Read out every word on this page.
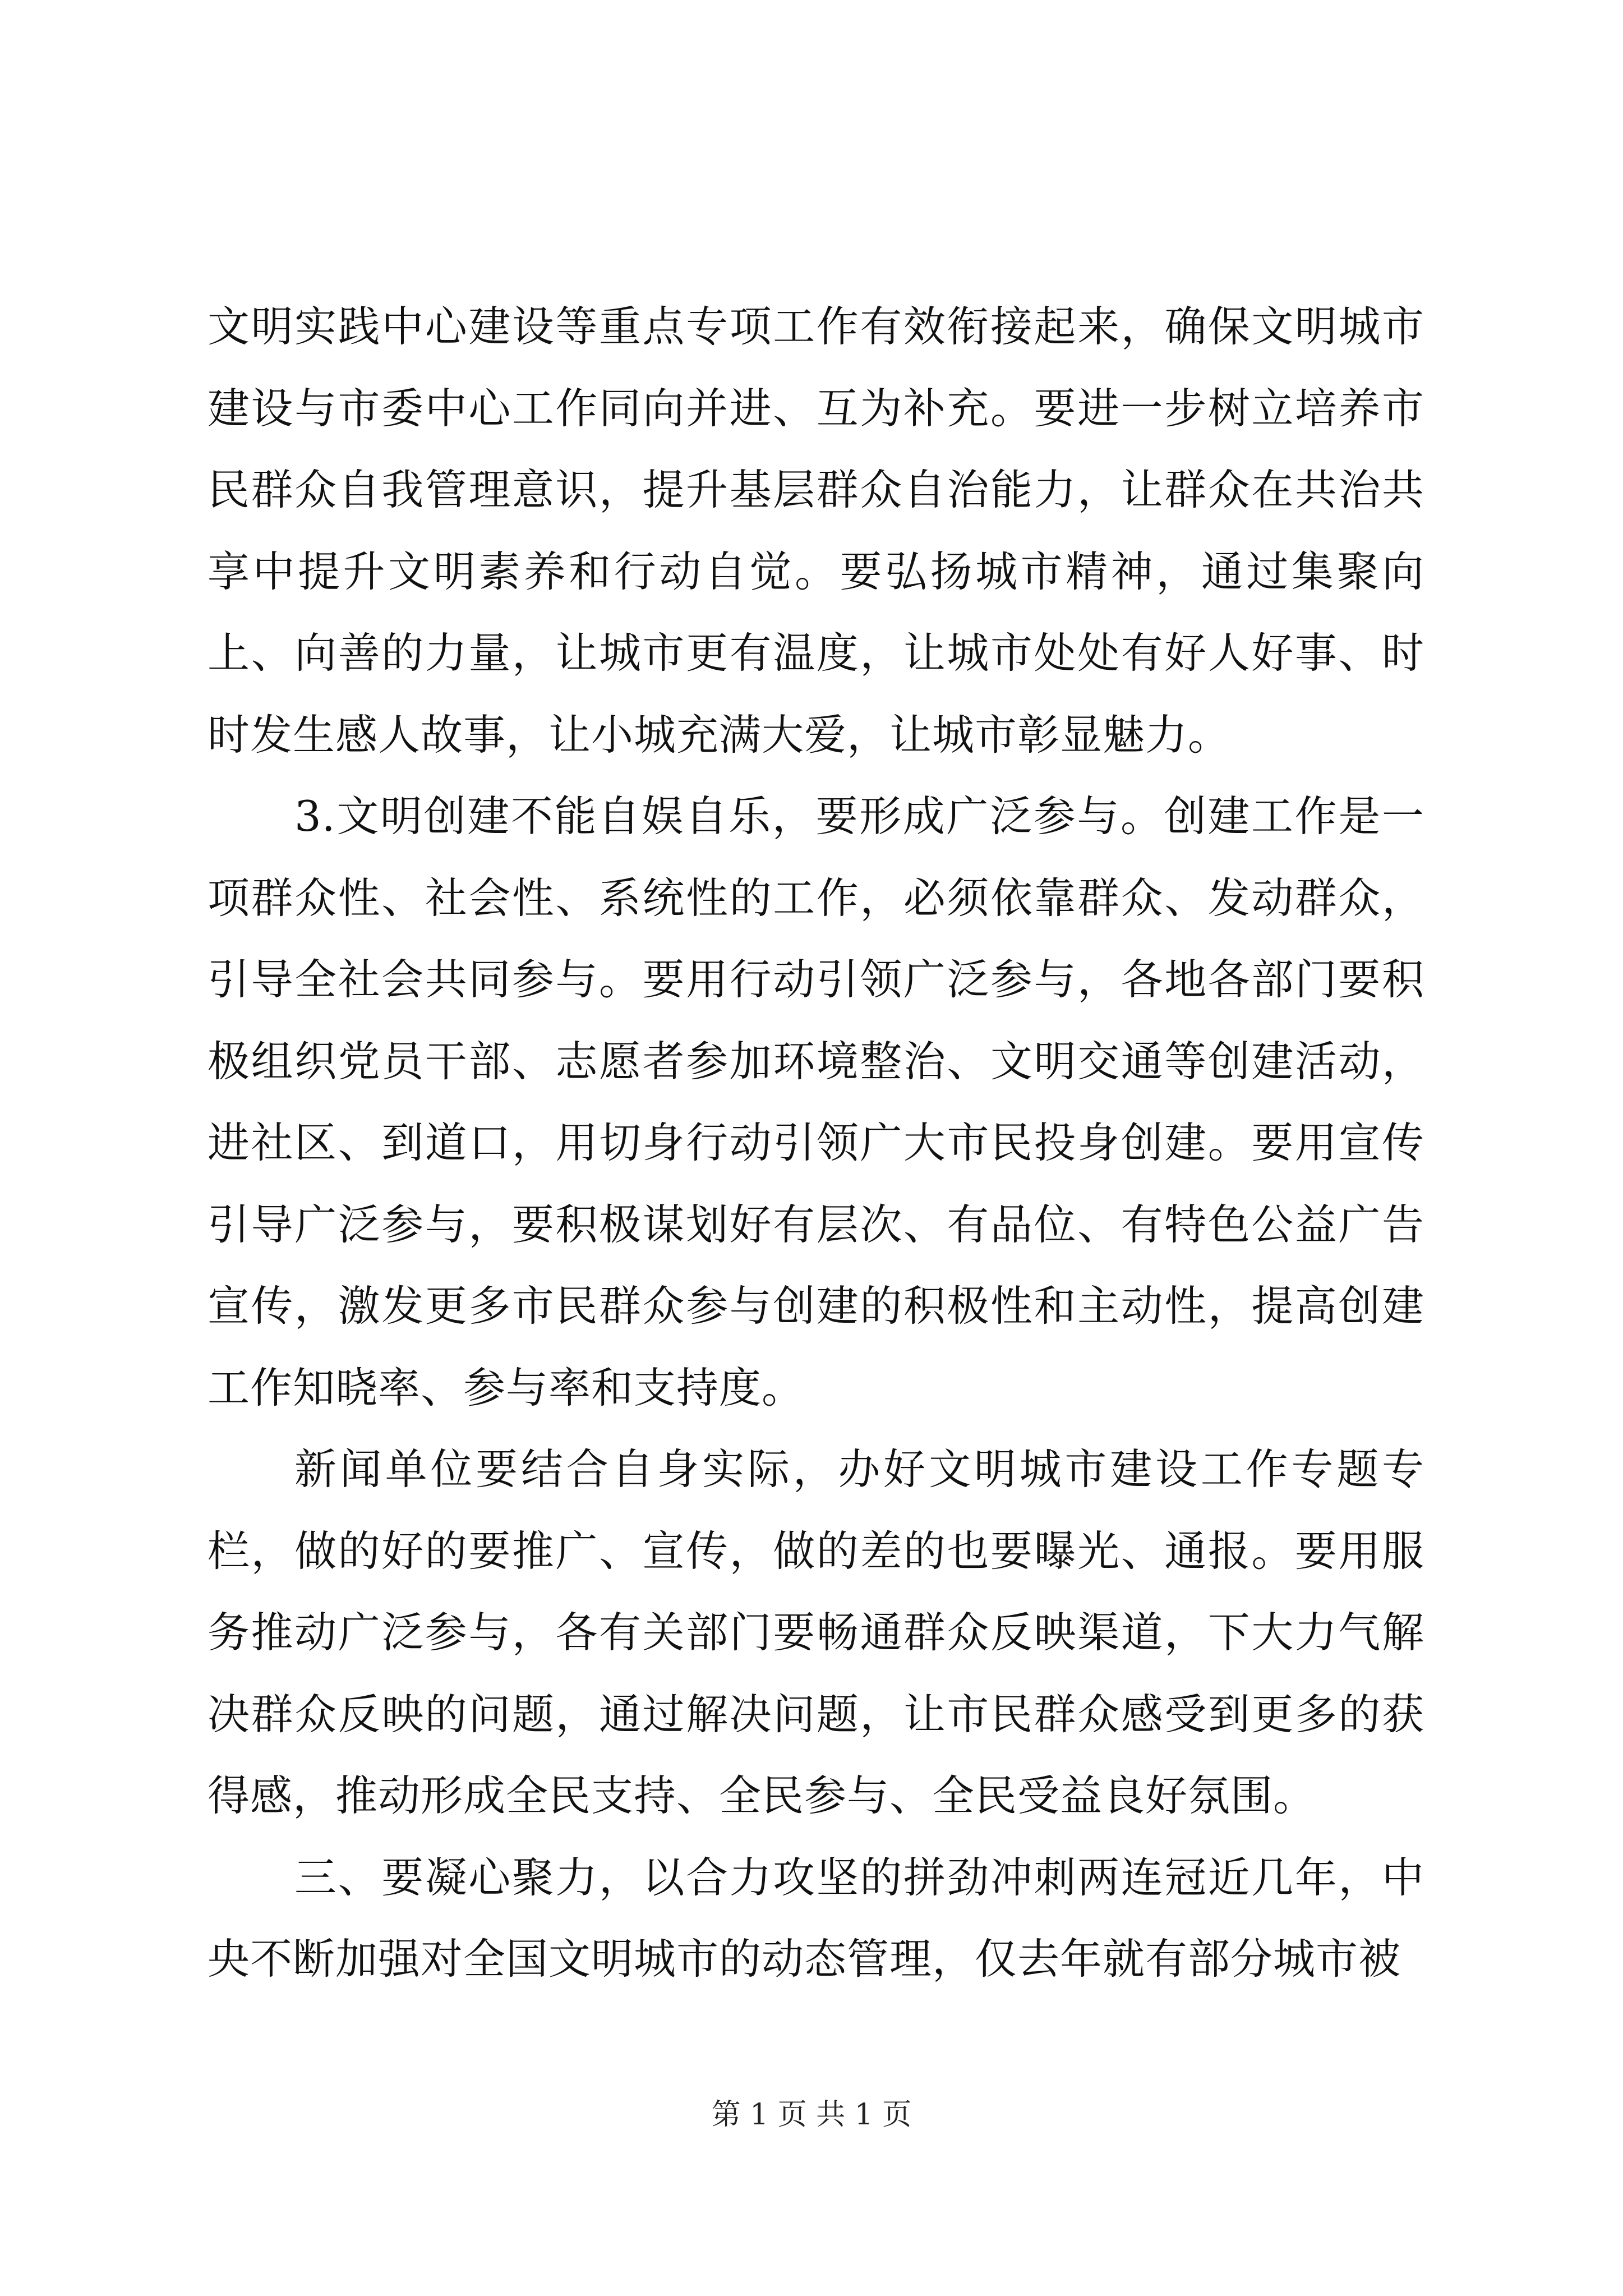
文明实践中心建设等重点专项工作有效衔接起来，确保文明城市建设与市委中心工作同向并进、互为补充。要进一步树立培养市民群众自我管理意识，提升基层群众自治能力，让群众在共治共享中提升文明素养和行动自觉。要弘扬城市精神，通过集聚向上、向善的力量，让城市更有温度，让城市处处有好人好事、时时发生感人故事，让小城充满大爱，让城市彰显魅力。

3.文明创建不能自娱自乐，要形成广泛参与。创建工作是一项群众性、社会性、系统性的工作，必须依靠群众、发动群众，引导全社会共同参与。要用行动引领广泛参与，各地各部门要积极组织党员干部、志愿者参加环境整治、文明交通等创建活动，进社区、到道口，用切身行动引领广大市民投身创建。要用宣传引导广泛参与，要积极谋划好有层次、有品位、有特色公益广告宣传，激发更多市民群众参与创建的积极性和主动性，提高创建工作知晓率、参与率和支持度。

新闻单位要结合自身实际，办好文明城市建设工作专题专栏，做的好的要推广、宣传，做的差的也要曝光、通报。要用服务推动广泛参与，各有关部门要畅通群众反映渠道，下大力气解决群众反映的问题，通过解决问题，让市民群众感受到更多的获得感，推动形成全民支持、全民参与、全民受益良好氛围。

三、要凝心聚力，以合力攻坚的拼劲冲刺两连冠近几年，中央不断加强对全国文明城市的动态管理，仅去年就有部分城市被

第 1 页 共 1 页
